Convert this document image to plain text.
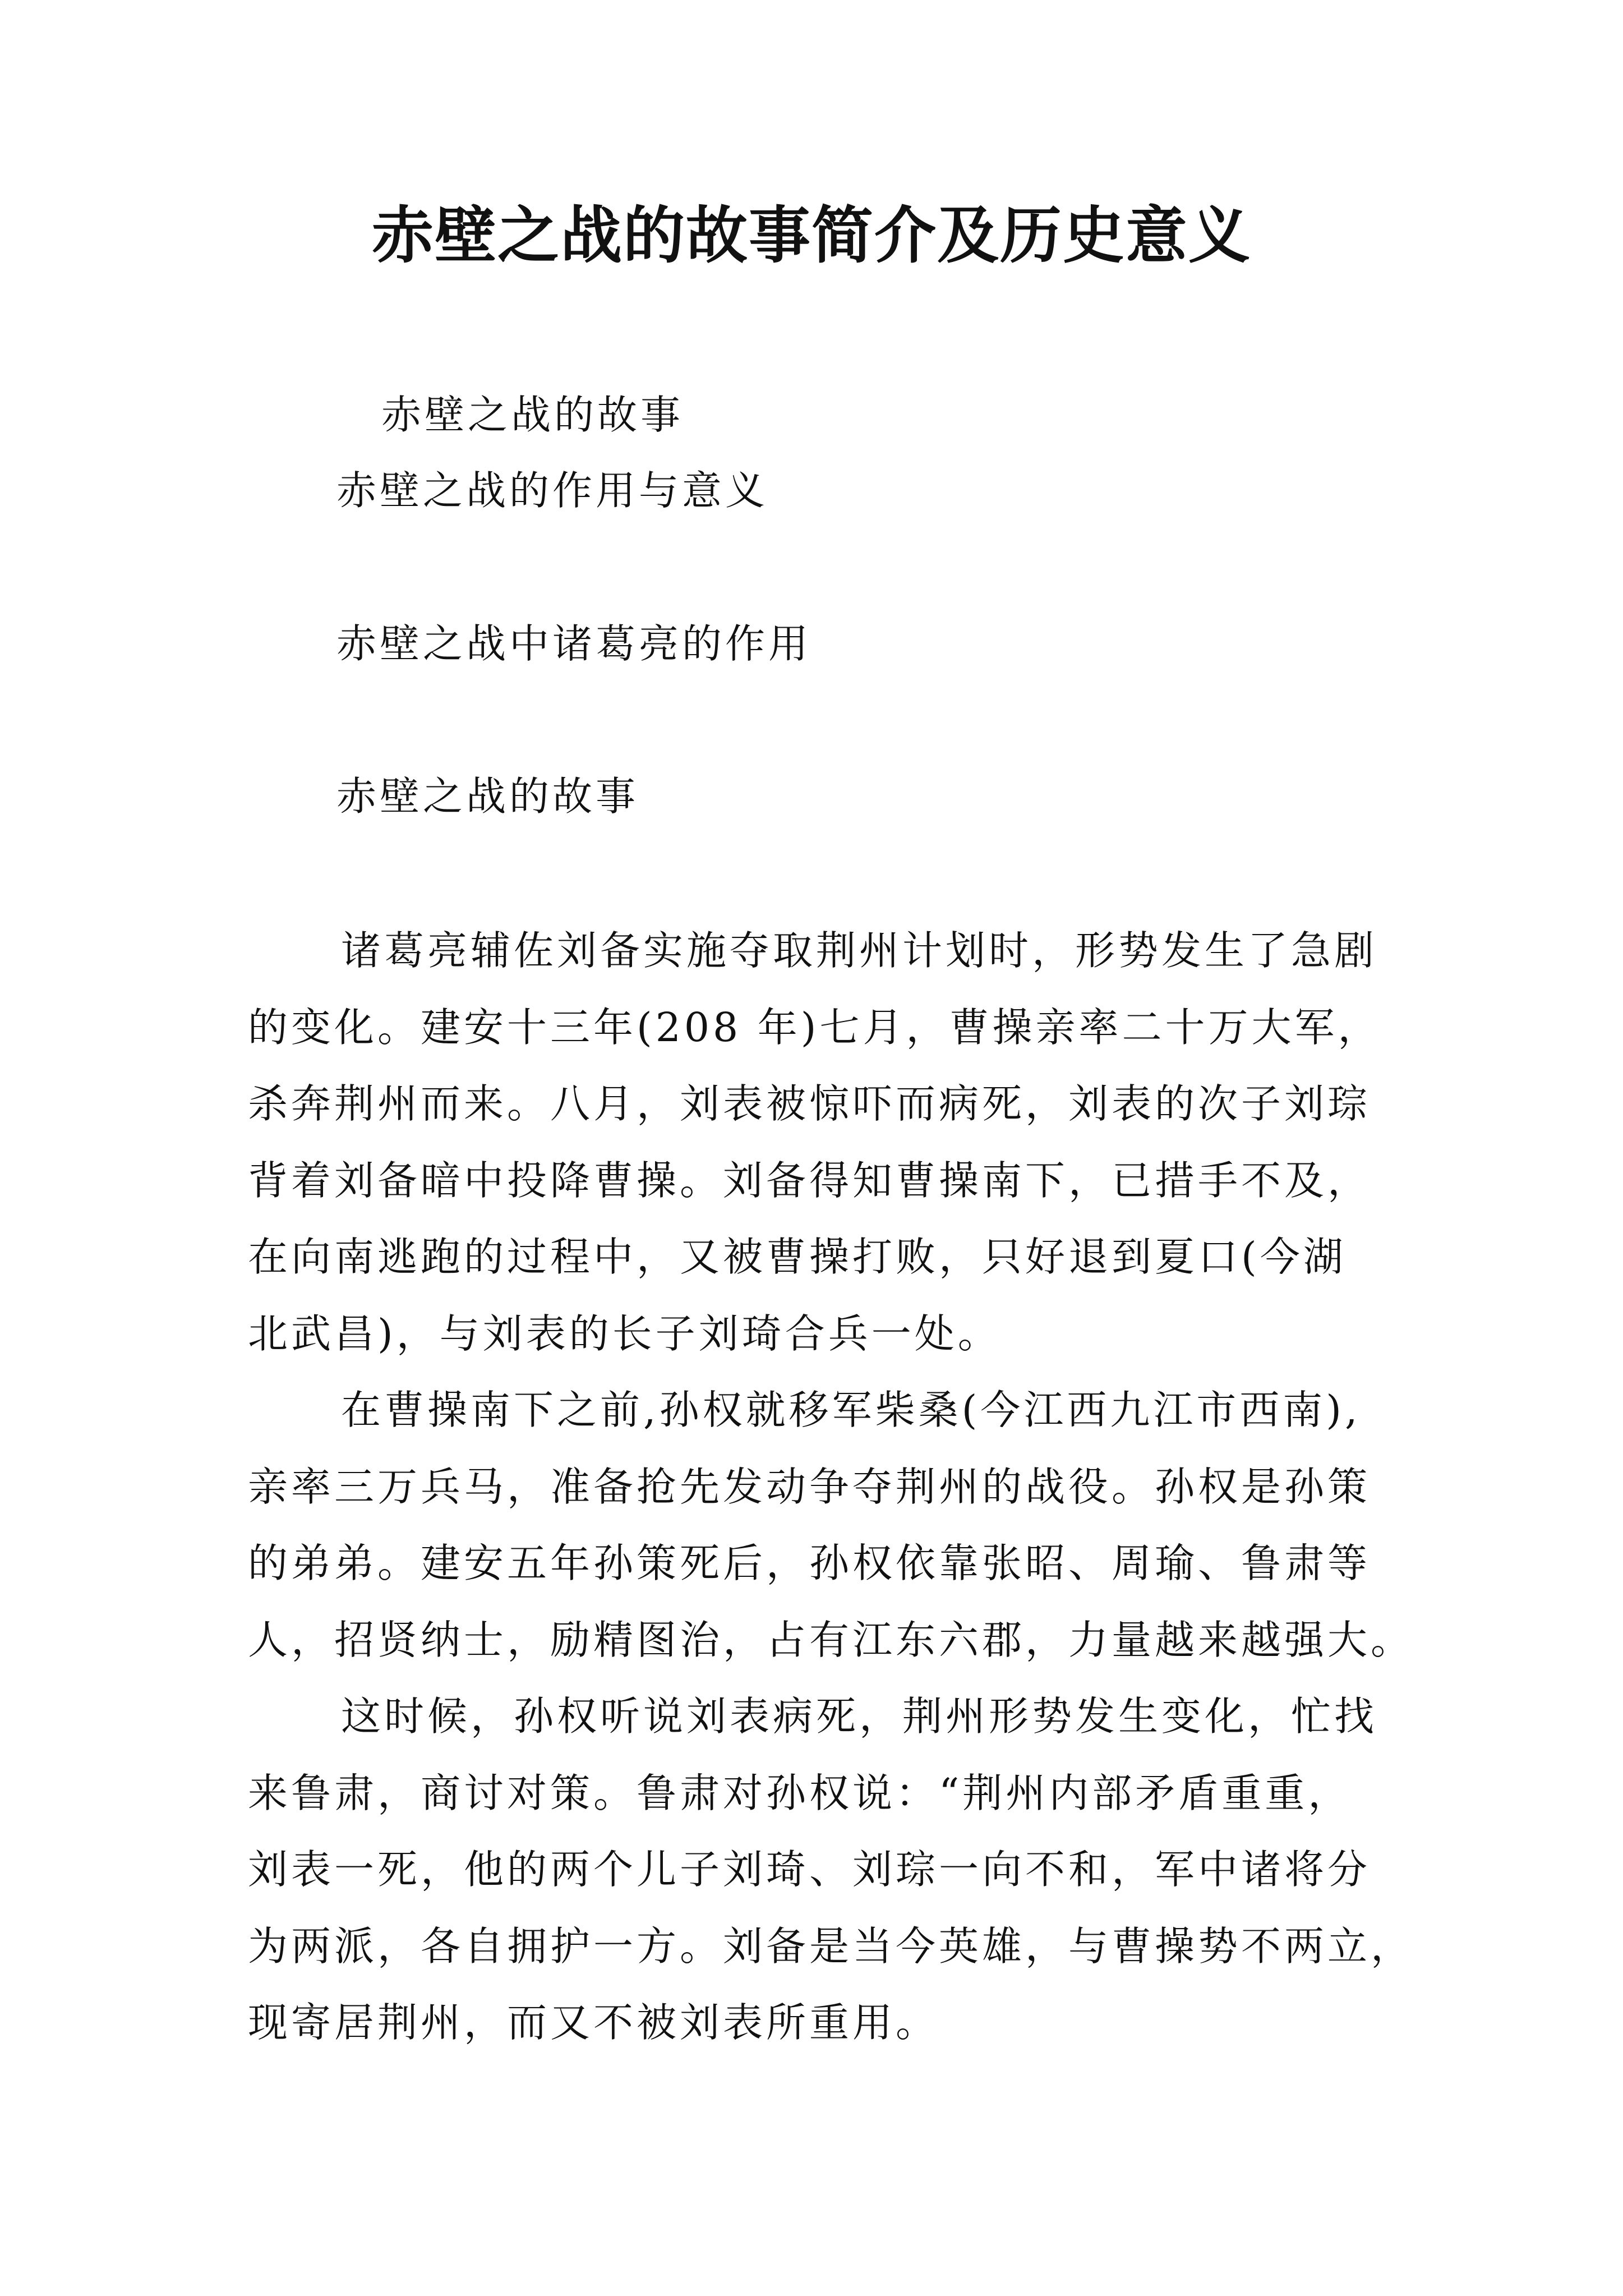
赤壁之战的故事简介及历史意义

赤壁之战的故事

赤壁之战的作用与意义

赤壁之战中诸葛亮的作用

赤壁之战的故事

诸葛亮辅佐刘备实施夺取荆州计划时，形势发生了急剧

的变化。建安十三年(208 年)七月，曹操亲率二十万大军，

杀奔荆州而来。八月，刘表被惊吓而病死，刘表的次子刘琮

背着刘备暗中投降曹操。刘备得知曹操南下，已措手不及，

在向南逃跑的过程中，又被曹操打败，只好退到夏口(今湖

北武昌)，与刘表的长子刘琦合兵一处。

在曹操南下之前,孙权就移军柴桑(今江西九江市西南),

亲率三万兵马，准备抢先发动争夺荆州的战役。孙权是孙策

的弟弟。建安五年孙策死后，孙权依靠张昭、周瑜、鲁肃等

人，招贤纳士，励精图治，占有江东六郡，力量越来越强大。

这时候，孙权听说刘表病死，荆州形势发生变化，忙找

来鲁肃，商讨对策。鲁肃对孙权说：“荆州内部矛盾重重，

刘表一死，他的两个儿子刘琦、刘琮一向不和，军中诸将分

为两派，各自拥护一方。刘备是当今英雄，与曹操势不两立，

现寄居荆州，而又不被刘表所重用。
